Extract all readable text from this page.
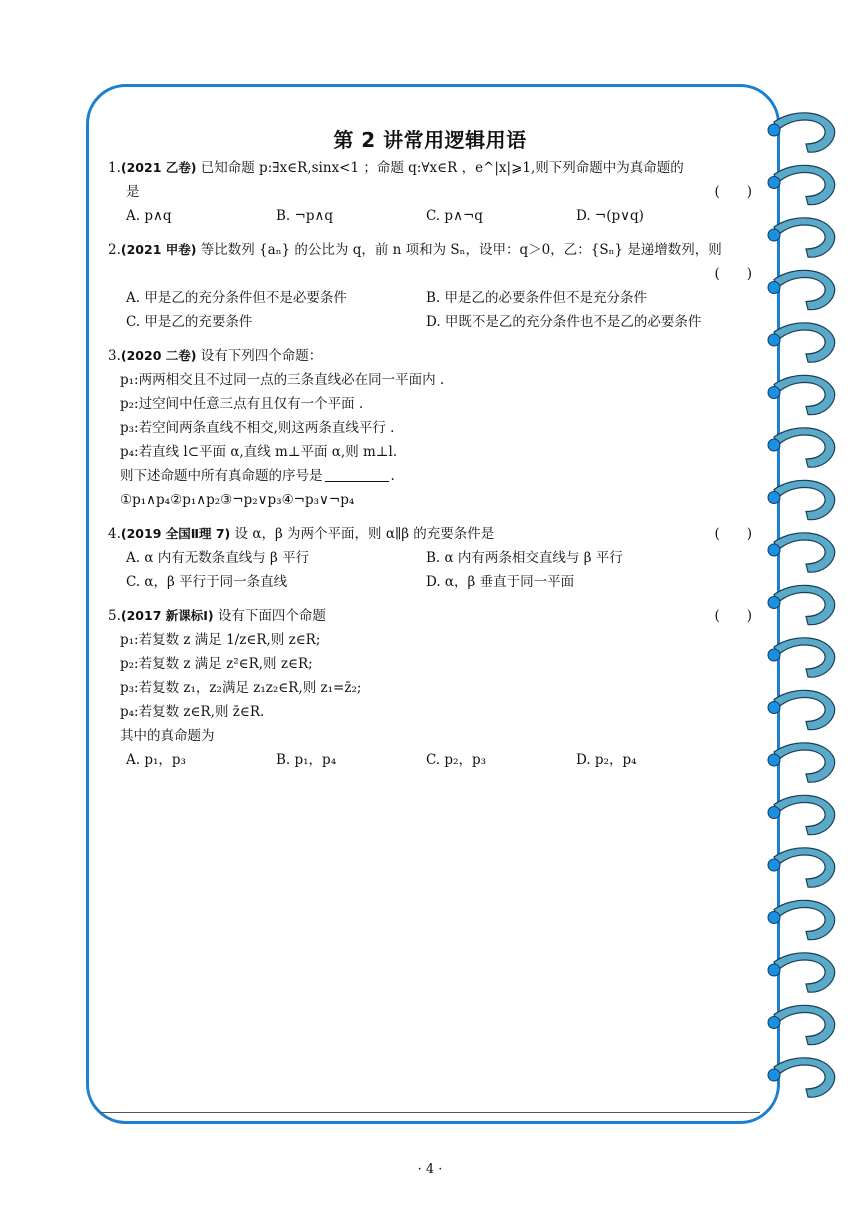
第 2 讲常用逻辑用语
1.(2021 乙卷) 已知命题 p:∃x∈R,sinx<1 ；命题 q:∀x∈R ，e^|x|⩾1,则下列命题中为真命题的
是	(　　)
A. p∧q	B. ¬p∧q	C. p∧¬q	D. ¬(p∨q)
2.(2021 甲卷) 等比数列 {aₙ} 的公比为 q，前 n 项和为 Sₙ，设甲：q＞0，乙：{Sₙ} 是递增数列，则
(　　)
A. 甲是乙的充分条件但不是必要条件	B. 甲是乙的必要条件但不是充分条件
C. 甲是乙的充要条件	D. 甲既不是乙的充分条件也不是乙的必要条件
3.(2020 二卷) 设有下列四个命题：
p₁:两两相交且不过同一点的三条直线必在同一平面内 .
p₂:过空间中任意三点有且仅有一个平面 .
p₃:若空间两条直线不相交,则这两条直线平行 .
p₄:若直线 l⊂平面 α,直线 m⊥平面 α,则 m⊥l.
则下述命题中所有真命题的序号是	.
①p₁∧p₄②p₁∧p₂③¬p₂∨p₃④¬p₃∨¬p₄
4.(2019 全国Ⅱ理 7) 设 α，β 为两个平面，则 α∥β 的充要条件是	(　　)
A. α 内有无数条直线与 β 平行	B. α 内有两条相交直线与 β 平行
C. α，β 平行于同一条直线	D. α，β 垂直于同一平面
5.(2017 新课标Ⅰ) 设有下面四个命题	(　　)
p₁:若复数 z 满足 1/z∈R,则 z∈R;
p₂:若复数 z 满足 z²∈R,则 z∈R;
p₃:若复数 z₁，z₂满足 z₁z₂∈R,则 z₁=z̄₂;
p₄:若复数 z∈R,则 z̄∈R.
其中的真命题为
A. p₁，p₃	B. p₁，p₄	C. p₂，p₃	D. p₂，p₄
· 4 ·
